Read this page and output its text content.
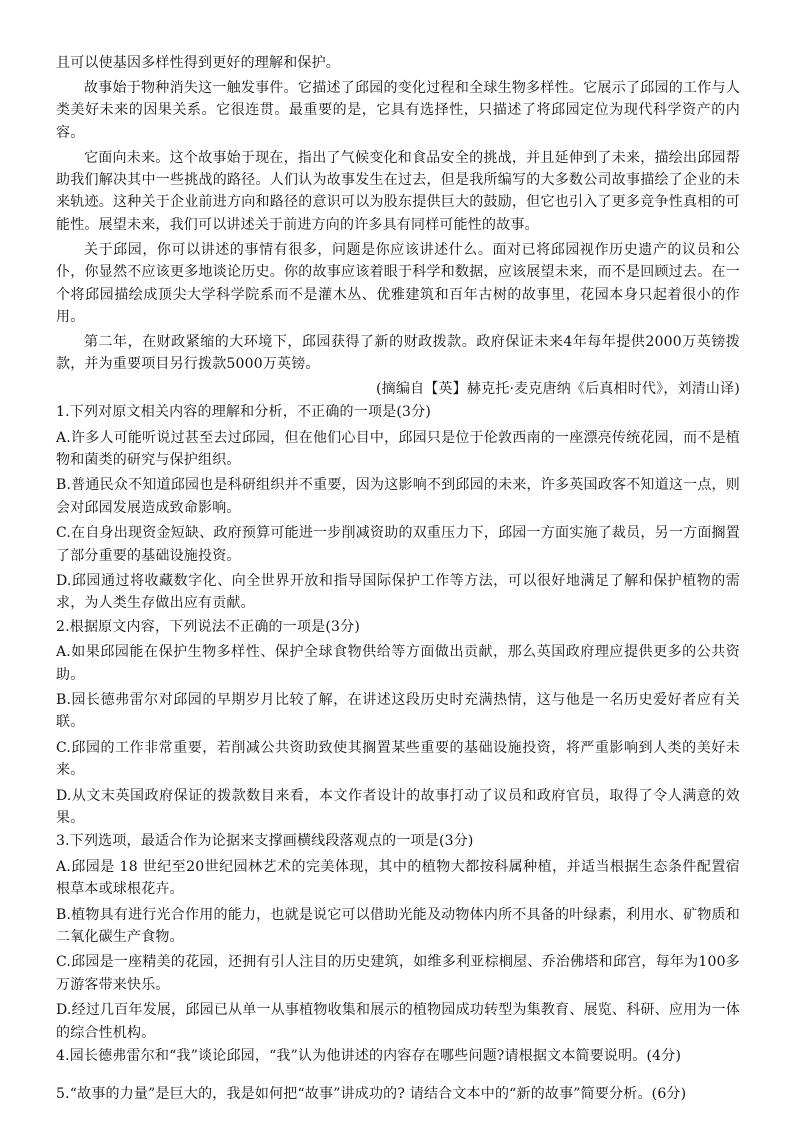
且可以使基因多样性得到更好的理解和保护。

故事始于物种消失这一触发事件。它描述了邱园的变化过程和全球生物多样性。它展示了邱园的工作与人类美好未来的因果关系。它很连贯。最重要的是，它具有选择性，只描述了将邱园定位为现代科学资产的内容。

它面向未来。这个故事始于现在，指出了气候变化和食品安全的挑战，并且延伸到了未来，描绘出邱园帮助我们解决其中一些挑战的路径。人们认为故事发生在过去，但是我所编写的大多数公司故事描绘了企业的未来轨迹。这种关于企业前进方向和路径的意识可以为股东提供巨大的鼓励，但它也引入了更多竞争性真相的可能性。展望未来，我们可以讲述关于前进方向的许多具有同样可能性的故事。

关于邱园，你可以讲述的事情有很多，问题是你应该讲述什么。面对已将邱园视作历史遗产的议员和公仆，你显然不应该更多地谈论历史。你的故事应该着眼于科学和数据，应该展望未来，而不是回顾过去。在一个将邱园描绘成顶尖大学科学院系而不是灌木丛、优雅建筑和百年古树的故事里，花园本身只起着很小的作用。

第二年，在财政紧缩的大环境下，邱园获得了新的财政拨款。政府保证未来4年每年提供2000万英镑拨款，并为重要项目另行拨款5000万英镑。

(摘编自【英】赫克托·麦克唐纳《后真相时代》，刘清山译)

1.下列对原文相关内容的理解和分析，不正确的一项是(3分)

A.许多人可能听说过甚至去过邱园，但在他们心目中，邱园只是位于伦敦西南的一座漂亮传统花园，而不是植物和菌类的研究与保护组织。

B.普通民众不知道邱园也是科研组织并不重要，因为这影响不到邱园的未来，许多英国政客不知道这一点，则会对邱园发展造成致命影响。

C.在自身出现资金短缺、政府预算可能进一步削减资助的双重压力下，邱园一方面实施了裁员，另一方面搁置了部分重要的基础设施投资。

D.邱园通过将收藏数字化、向全世界开放和指导国际保护工作等方法，可以很好地满足了解和保护植物的需求，为人类生存做出应有贡献。

2.根据原文内容，下列说法不正确的一项是(3分)

A.如果邱园能在保护生物多样性、保护全球食物供给等方面做出贡献，那么英国政府理应提供更多的公共资助。

B.园长德弗雷尔对邱园的早期岁月比较了解，在讲述这段历史时充满热情，这与他是一名历史爱好者应有关联。

C.邱园的工作非常重要，若削减公共资助致使其搁置某些重要的基础设施投资，将严重影响到人类的美好未来。

D.从文末英国政府保证的拨款数目来看，本文作者设计的故事打动了议员和政府官员，取得了令人满意的效果。

3.下列选项，最适合作为论据来支撑画横线段落观点的一项是(3分)

A.邱园是 18 世纪至20世纪园林艺术的完美体现，其中的植物大都按科属种植，并适当根据生态条件配置宿根草本或球根花卉。

B.植物具有进行光合作用的能力，也就是说它可以借助光能及动物体内所不具备的叶绿素，利用水、矿物质和二氧化碳生产食物。

C.邱园是一座精美的花园，还拥有引人注目的历史建筑，如维多利亚棕榈屋、乔治佛塔和邱宫，每年为100多万游客带来快乐。

D.经过几百年发展，邱园已从单一从事植物收集和展示的植物园成功转型为集教育、展览、科研、应用为一体的综合性机构。

4.园长德弗雷尔和“我”谈论邱园，“我”认为他讲述的内容存在哪些问题?请根据文本简要说明。(4分)

5.“故事的力量”是巨大的，我是如何把“故事”讲成功的? 请结合文本中的“新的故事”简要分析。(6分)
